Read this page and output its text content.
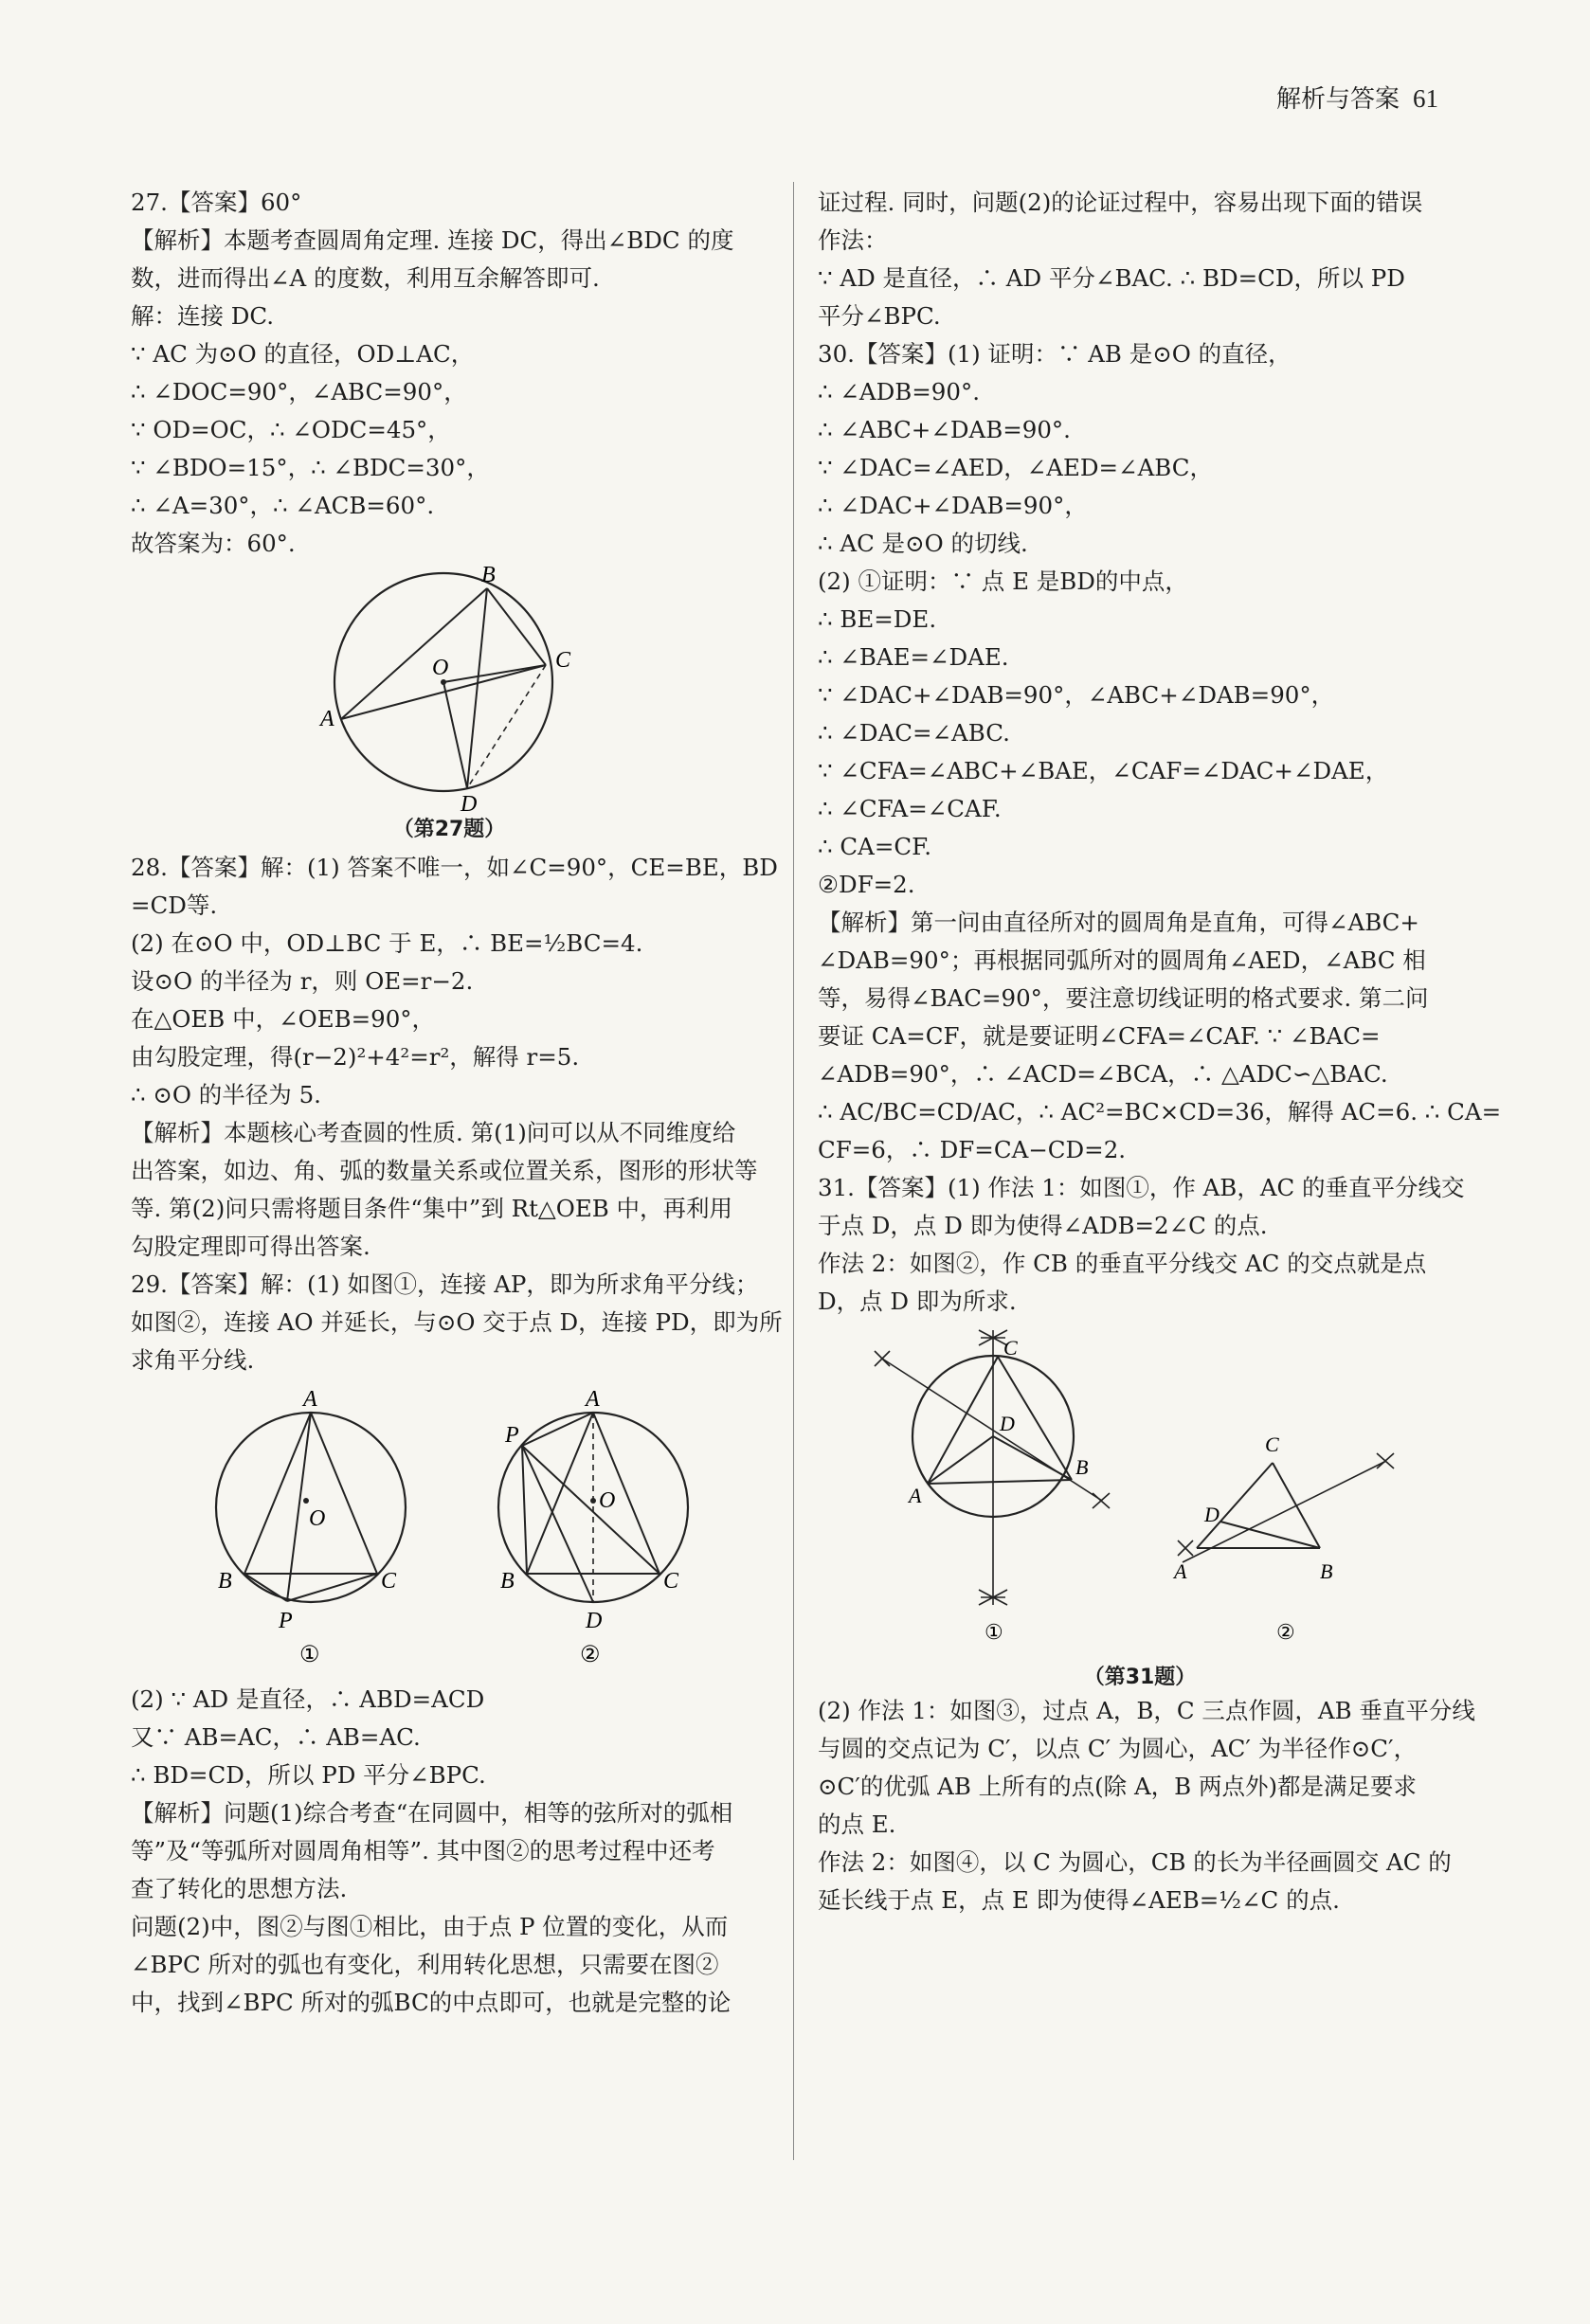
解析与答案 61
27.【答案】60°
【解析】本题考查圆周角定理. 连接 DC，得出∠BDC 的度
数，进而得出∠A 的度数，利用互余解答即可.
解：连接 DC.
∵ AC 为⊙O 的直径，OD⊥AC，
∴ ∠DOC=90°，∠ABC=90°，
∵ OD=OC，∴ ∠ODC=45°，
∵ ∠BDO=15°，∴ ∠BDC=30°，
∴ ∠A=30°，∴ ∠ACB=60°.
故答案为：60°.
B
C
A
O
D
（第27题）
28.【答案】解：(1) 答案不唯一，如∠C=90°，CE=BE，BD
=CD等.
(2) 在⊙O 中，OD⊥BC 于 E，∴ BE=½BC=4.
设⊙O 的半径为 r，则 OE=r−2.
在△OEB 中，∠OEB=90°，
由勾股定理，得(r−2)²+4²=r²，解得 r=5.
∴ ⊙O 的半径为 5.
【解析】本题核心考查圆的性质. 第(1)问可以从不同维度给
出答案，如边、角、弧的数量关系或位置关系，图形的形状等
等. 第(2)问只需将题目条件“集中”到 Rt△OEB 中，再利用
勾股定理即可得出答案.
29.【答案】解：(1) 如图①，连接 AP，即为所求角平分线；
如图②，连接 AO 并延长，与⊙O 交于点 D，连接 PD，即为所
求角平分线.
A
O
B	C
P
①
A
P
O
B	C
D
②
(2) ∵ AD 是直径，∴ ABD=ACD
又∵ AB=AC，∴ AB=AC.
∴ BD=CD，所以 PD 平分∠BPC.
【解析】问题(1)综合考查“在同圆中，相等的弦所对的弧相
等”及“等弧所对圆周角相等”. 其中图②的思考过程中还考
查了转化的思想方法.
问题(2)中，图②与图①相比，由于点 P 位置的变化，从而
∠BPC 所对的弧也有变化，利用转化思想，只需要在图②
中，找到∠BPC 所对的弧BC的中点即可，也就是完整的论
证过程. 同时，问题(2)的论证过程中，容易出现下面的错误
作法：
∵ AD 是直径，∴ AD 平分∠BAC. ∴ BD=CD，所以 PD
平分∠BPC.
30.【答案】(1) 证明：∵ AB 是⊙O 的直径，
∴ ∠ADB=90°.
∴ ∠ABC+∠DAB=90°.
∵ ∠DAC=∠AED，∠AED=∠ABC，
∴ ∠DAC+∠DAB=90°，
∴ AC 是⊙O 的切线.
(2) ①证明：∵ 点 E 是BD的中点，
∴ BE=DE.
∴ ∠BAE=∠DAE.
∵ ∠DAC+∠DAB=90°，∠ABC+∠DAB=90°，
∴ ∠DAC=∠ABC.
∵ ∠CFA=∠ABC+∠BAE，∠CAF=∠DAC+∠DAE，
∴ ∠CFA=∠CAF.
∴ CA=CF.
②DF=2.
【解析】第一问由直径所对的圆周角是直角，可得∠ABC+
∠DAB=90°；再根据同弧所对的圆周角∠AED，∠ABC 相
等，易得∠BAC=90°，要注意切线证明的格式要求. 第二问
要证 CA=CF，就是要证明∠CFA=∠CAF. ∵ ∠BAC=
∠ADB=90°，∴ ∠ACD=∠BCA，∴ △ADC∽△BAC.
∴ AC/BC=CD/AC，∴ AC²=BC×CD=36，解得 AC=6. ∴ CA=
CF=6，∴ DF=CA−CD=2.
31.【答案】(1) 作法 1：如图①，作 AB，AC 的垂直平分线交
于点 D，点 D 即为使得∠ADB=2∠C 的点.
作法 2：如图②，作 CB 的垂直平分线交 AC 的交点就是点
D，点 D 即为所求.
C
D
B
A
①
C
D
A	B
②
（第31题）
(2) 作法 1：如图③，过点 A，B，C 三点作圆，AB 垂直平分线
与圆的交点记为 C′，以点 C′ 为圆心，AC′ 为半径作⊙C′，
⊙C′的优弧 AB 上所有的点(除 A，B 两点外)都是满足要求
的点 E.
作法 2：如图④，以 C 为圆心，CB 的长为半径画圆交 AC 的
延长线于点 E，点 E 即为使得∠AEB=½∠C 的点.
